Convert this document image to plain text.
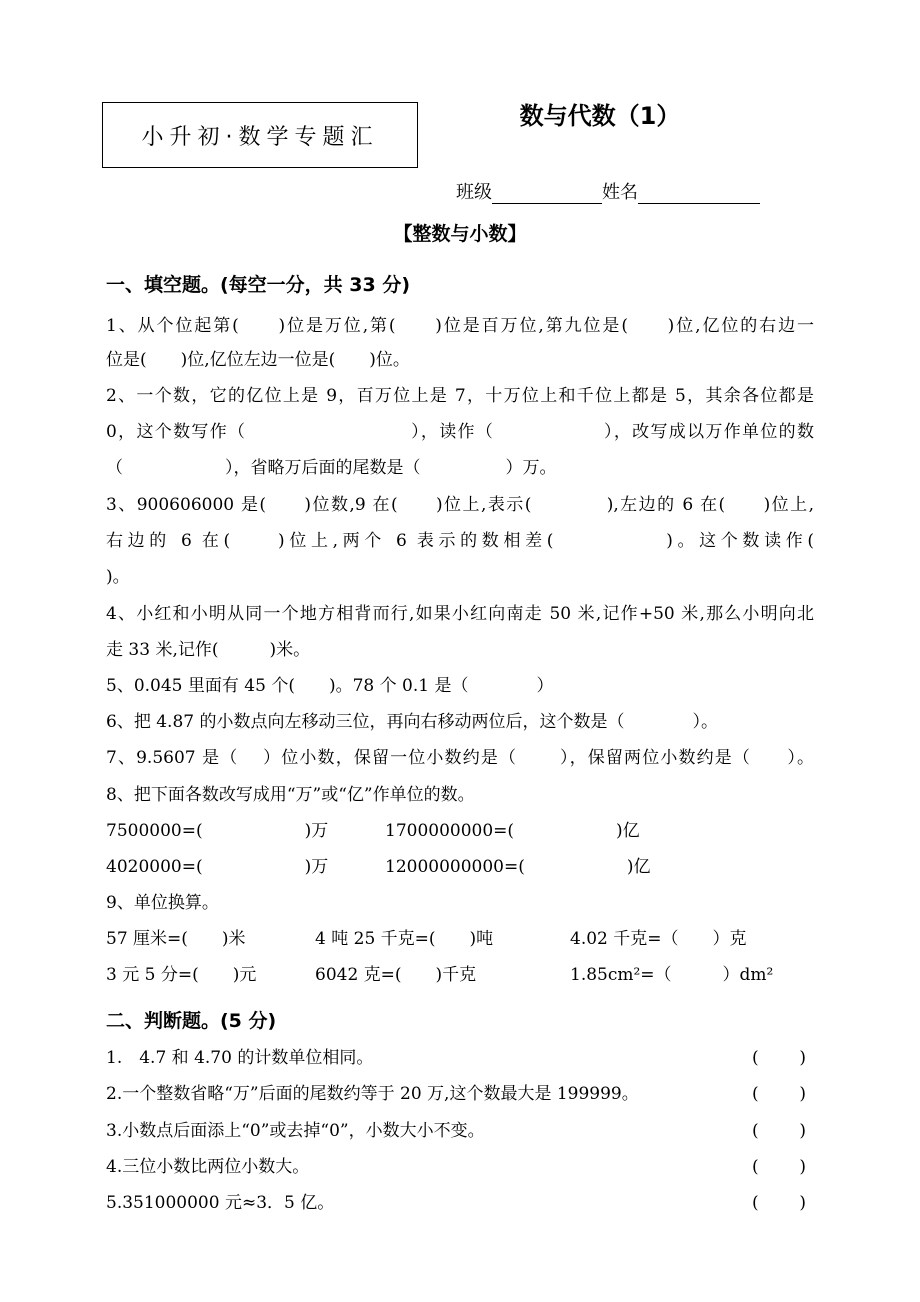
小升初·数学专题汇
数与代数（1）
班级	姓名
【整数与小数】
一、填空题。(每空一分，共 33 分)
1、从个位起第(　　)位是万位,第(　　)位是百万位,第九位是(　　)位,亿位的右边一
位是(　　)位,亿位左边一位是(　　)位。
2、一个数，它的亿位上是 9，百万位上是 7，十万位上和千位上都是 5，其余各位都是
0，这个数写作（　　　　　　　　　），读作（　　　　　　），改写成以万作单位的数
（　　　　　　），省略万后面的尾数是（　　　　　）万。
3、900606000 是(　　)位数,9 在(　　)位上,表示(　　　　),左边的 6 在(　　)位上,
右边的 6 在(　　)位上,两个 6 表示的数相差(　　　　　)。这个数读作(
)。
4、小红和小明从同一个地方相背而行,如果小红向南走 50 米,记作+50 米,那么小明向北
走 33 米,记作(　　　)米。
5、0.045 里面有 45 个(　　)。78 个 0.1 是（　　　　）
6、把 4.87 的小数点向左移动三位，再向右移动两位后，这个数是（　　　　）。
7、9.5607 是（　 ）位小数，保留一位小数约是（　　 ），保留两位小数约是（　　）。
8、把下面各数改写成用“万”或“亿”作单位的数。
7500000=(　　　　　　)万	1700000000=(　　　　　　)亿
4020000=(　　　　　　)万	12000000000=(　　　　　　)亿
9、单位换算。
57 厘米=(　　)米	4 吨 25 千克=(　　)吨	4.02 千克=（　　）克
3 元 5 分=(　　)元	6042 克=(　　)千克	1.85cm²=（　　　）dm²
二、判断题。(5 分)
1.　4.7 和 4.70 的计数单位相同。	( )
2.一个整数省略“万”后面的尾数约等于 20 万,这个数最大是 199999。	( )
3.小数点后面添上“0”或去掉“0”，小数大小不变。	( )
4.三位小数比两位小数大。	( )
5.351000000 元≈3．5 亿。	( )
